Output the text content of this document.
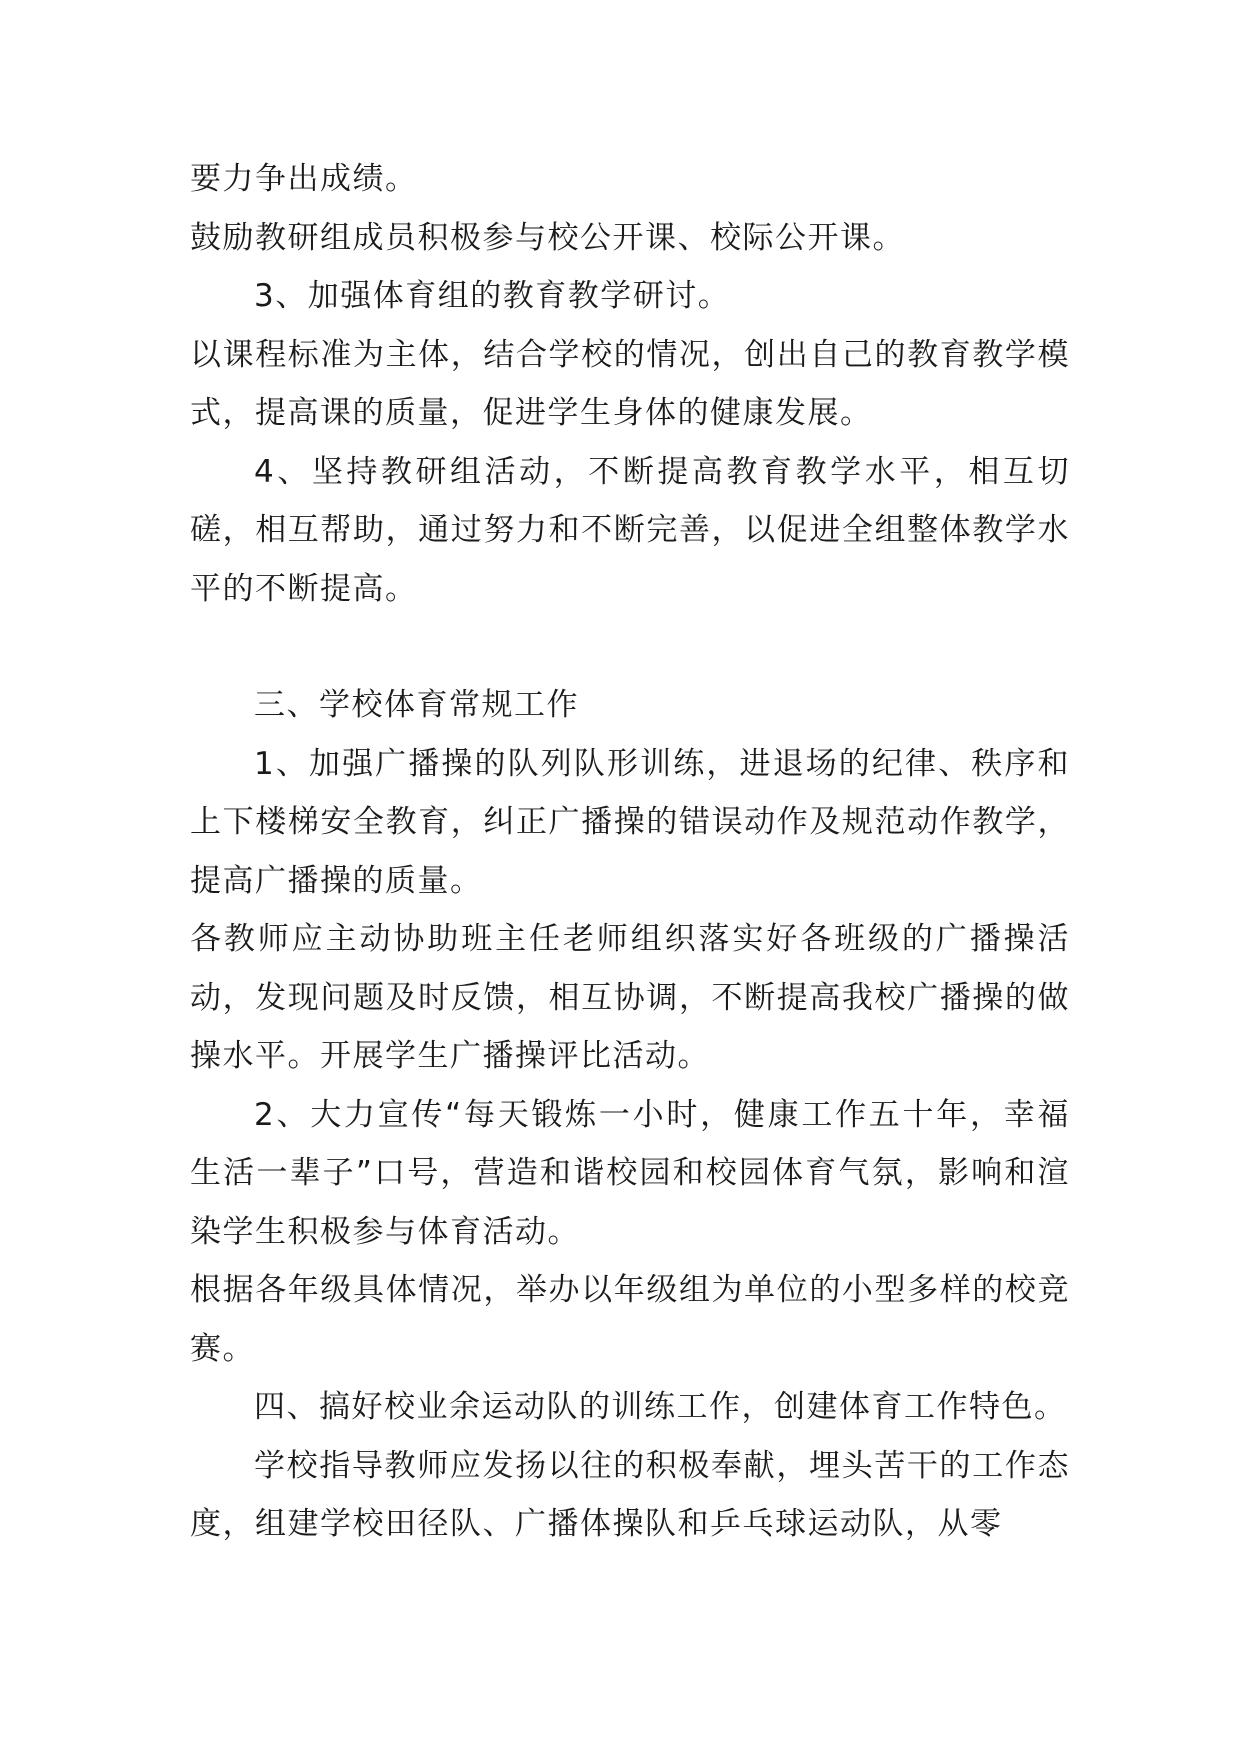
要力争出成绩。

鼓励教研组成员积极参与校公开课、校际公开课。

3、加强体育组的教育教学研讨。

以课程标准为主体，结合学校的情况，创出自己的教育教学模式，提高课的质量，促进学生身体的健康发展。

4、坚持教研组活动，不断提高教育教学水平，相互切磋，相互帮助，通过努力和不断完善，以促进全组整体教学水平的不断提高。

三、学校体育常规工作

1、加强广播操的队列队形训练，进退场的纪律、秩序和上下楼梯安全教育，纠正广播操的错误动作及规范动作教学，提高广播操的质量。

各教师应主动协助班主任老师组织落实好各班级的广播操活动，发现问题及时反馈，相互协调，不断提高我校广播操的做操水平。开展学生广播操评比活动。

2、大力宣传“每天锻炼一小时，健康工作五十年，幸福生活一辈子”口号，营造和谐校园和校园体育气氛，影响和渲染学生积极参与体育活动。

根据各年级具体情况，举办以年级组为单位的小型多样的校竞赛。

四、搞好校业余运动队的训练工作，创建体育工作特色。

学校指导教师应发扬以往的积极奉献，埋头苦干的工作态度，组建学校田径队、广播体操队和乒乓球运动队，从零
